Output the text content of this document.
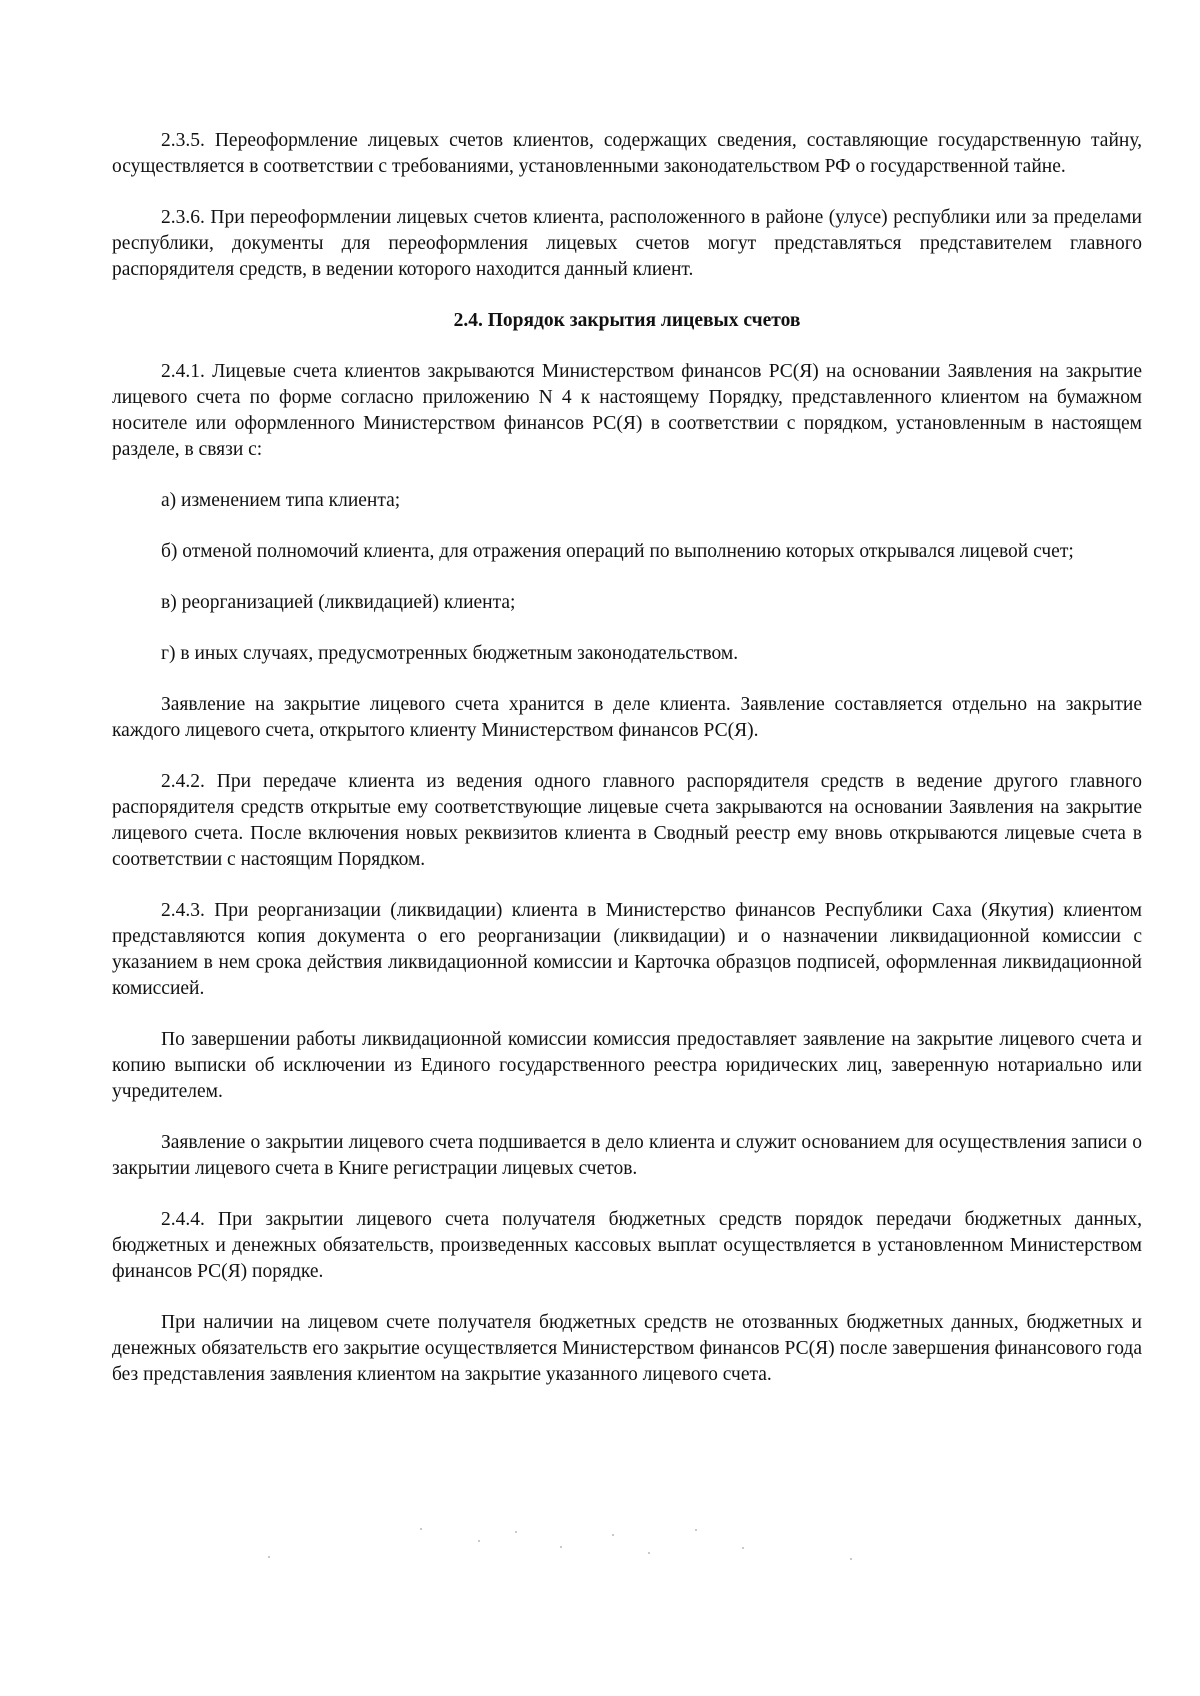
2.3.5. Переоформление лицевых счетов клиентов, содержащих сведения, составляющие государственную тайну, осуществляется в соответствии с требованиями, установленными законодательством РФ о государственной тайне.

2.3.6. При переоформлении лицевых счетов клиента, расположенного в районе (улусе) республики или за пределами республики, документы для переоформления лицевых счетов могут представляться представителем главного распорядителя средств, в ведении которого находится данный клиент.

2.4. Порядок закрытия лицевых счетов

2.4.1. Лицевые счета клиентов закрываются Министерством финансов РС(Я) на основании Заявления на закрытие лицевого счета по форме согласно приложению N 4 к настоящему Порядку, представленного клиентом на бумажном носителе или оформленного Министерством финансов РС(Я) в соответствии с порядком, установленным в настоящем разделе, в связи с:

а) изменением типа клиента;

б) отменой полномочий клиента, для отражения операций по выполнению которых открывался лицевой счет;

в) реорганизацией (ликвидацией) клиента;

г) в иных случаях, предусмотренных бюджетным законодательством.

Заявление на закрытие лицевого счета хранится в деле клиента. Заявление составляется отдельно на закрытие каждого лицевого счета, открытого клиенту Министерством финансов РС(Я).

2.4.2. При передаче клиента из ведения одного главного распорядителя средств в ведение другого главного распорядителя средств открытые ему соответствующие лицевые счета закрываются на основании Заявления на закрытие лицевого счета. После включения новых реквизитов клиента в Сводный реестр ему вновь открываются лицевые счета в соответствии с настоящим Порядком.

2.4.3. При реорганизации (ликвидации) клиента в Министерство финансов Республики Саха (Якутия) клиентом представляются копия документа о его реорганизации (ликвидации) и о назначении ликвидационной комиссии с указанием в нем срока действия ликвидационной комиссии и Карточка образцов подписей, оформленная ликвидационной комиссией.

По завершении работы ликвидационной комиссии комиссия предоставляет заявление на закрытие лицевого счета и копию выписки об исключении из Единого государственного реестра юридических лиц, заверенную нотариально или учредителем.

Заявление о закрытии лицевого счета подшивается в дело клиента и служит основанием для осуществления записи о закрытии лицевого счета в Книге регистрации лицевых счетов.

2.4.4. При закрытии лицевого счета получателя бюджетных средств порядок передачи бюджетных данных, бюджетных и денежных обязательств, произведенных кассовых выплат осуществляется в установленном Министерством финансов РС(Я) порядке.

При наличии на лицевом счете получателя бюджетных средств не отозванных бюджетных данных, бюджетных и денежных обязательств его закрытие осуществляется Министерством финансов РС(Я) после завершения финансового года без представления заявления клиентом на закрытие указанного лицевого счета.
